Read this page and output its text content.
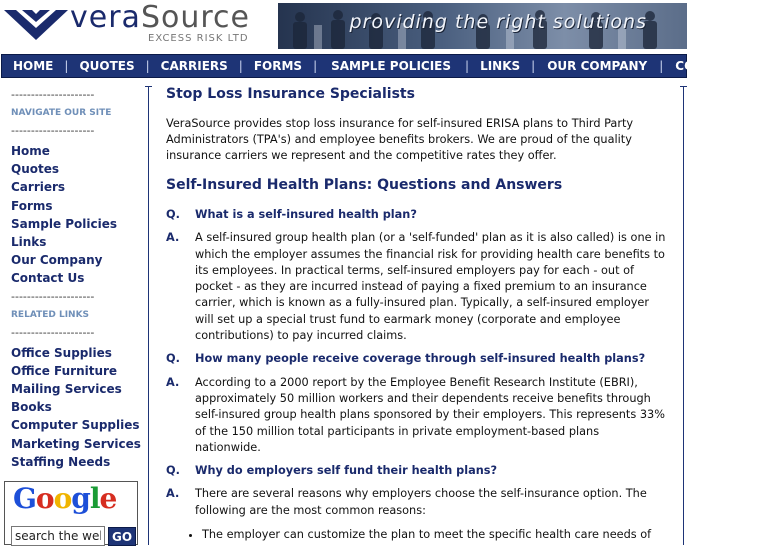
veraSource
EXCESS RISK LTD
providing the right solutions
HOME | QUOTES | CARRIERS | FORMS |	SAMPLE POLICIES	| LINKS |	OUR COMPANY	|	CONTACT US
---------------------
NAVIGATE OUR SITE
---------------------
Home
Quotes
Carriers
Forms
Sample Policies
Links
Our Company
Contact Us
---------------------
RELATED LINKS
---------------------
Office Supplies
Office Furniture
Mailing Services
Books
Computer Supplies
Marketing Services
Staffing Needs
Google
search the web
GO
Stop Loss Insurance Specialists

VeraSource provides stop loss insurance for self-insured ERISA plans to Third Party Administrators (TPA's) and employee benefits brokers. We are proud of the quality insurance carriers we represent and the competitive rates they offer.

Self-Insured Health Plans: Questions and Answers
Q.	What is a self-insured health plan?
A.	A self-insured group health plan (or a 'self-funded' plan as it is also called) is one in which the employer assumes the financial risk for providing health care benefits to its employees. In practical terms, self-insured employers pay for each - out of pocket - as they are incurred instead of paying a fixed premium to an insurance carrier, which is known as a fully-insured plan. Typically, a self-insured employer will set up a special trust fund to earmark money (corporate and employee contributions) to pay incurred claims.
Q.	How many people receive coverage through self-insured health plans?
A.	According to a 2000 report by the Employee Benefit Research Institute (EBRI), approximately 50 million workers and their dependents receive benefits through self-insured group health plans sponsored by their employers. This represents 33% of the 150 million total participants in private employment-based plans nationwide.
Q.	Why do employers self fund their health plans?
A.	There are several reasons why employers choose the self-insurance option. The following are the most common reasons:
• The employer can customize the plan to meet the specific health care needs of
